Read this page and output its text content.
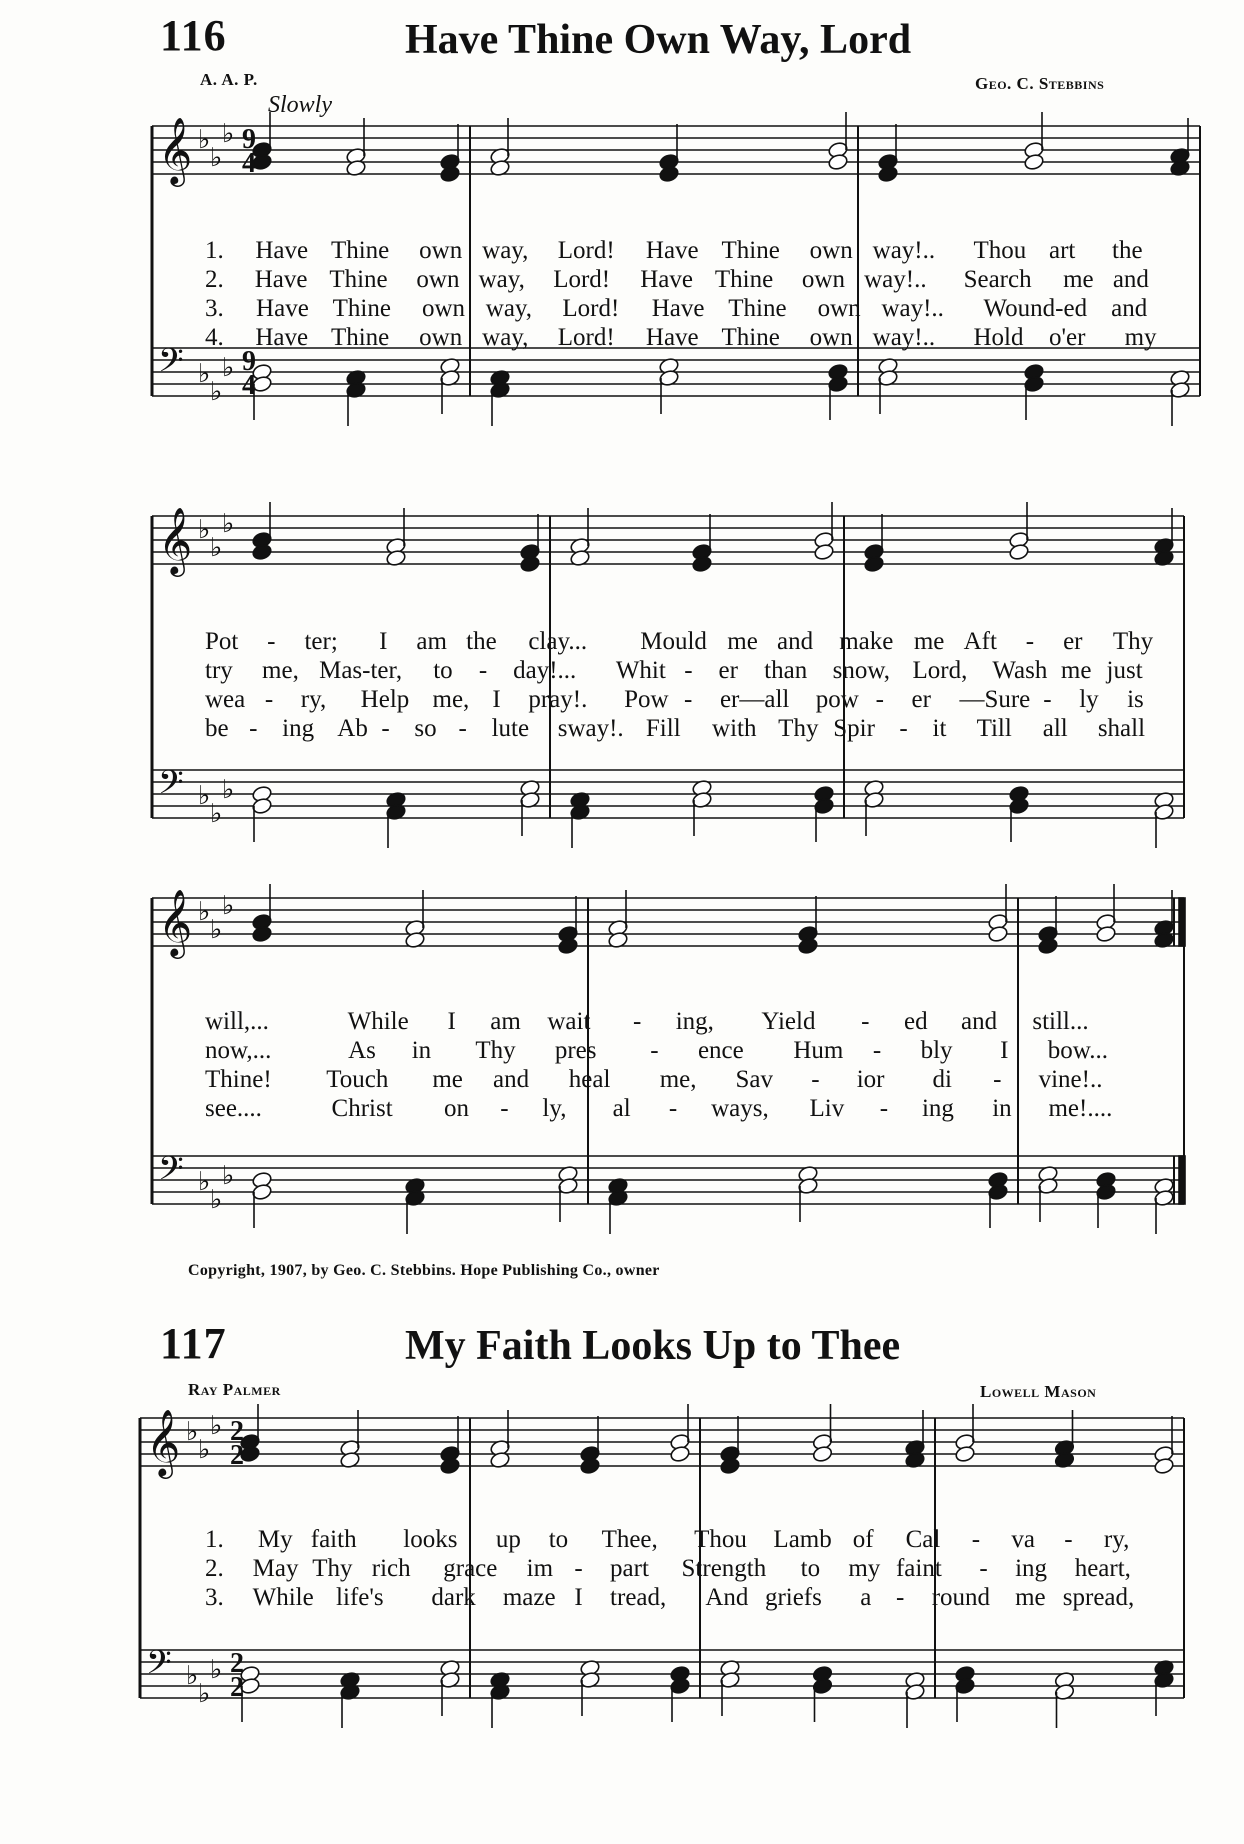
116	Have Thine Own Way, Lord
A. A. P.	Geo. C. Stebbins
Slowly
𝄞 ♭
♭
♭
𝄢 ♭
♭
♭
9
4
9
4
1. Have Thine own way, Lord! Have Thine own way!.. Thou art the
2. Have Thine own way, Lord! Have Thine own way!.. Search me and
3. Have Thine own way, Lord! Have Thine own way!.. Wound-ed and
4. Have Thine own way, Lord! Have Thine own way!.. Hold o'er my
𝄞 ♭
♭
♭
𝄢 ♭
♭
♭
Pot - ter; I am the clay... Mould me and make me Aft - er Thy
try me, Mas-ter, to - day!... Whit - er than snow, Lord, Wash me just
wea - ry, Help me, I pray!. Pow - er—all pow - er —Sure - ly is
be - ing Ab - so - lute sway!. Fill with Thy Spir - it Till all shall
𝄞 ♭
♭
♭
𝄢 ♭
♭
♭
will,...	While I am wait - ing, Yield - ed and still...
now,...	As in Thy pres - ence Hum - bly I bow...
Thine! Touch me and heal me, Sav - ior di - vine!..
see....	Christ on - ly, al - ways, Liv - ing in me!....
Copyright, 1907, by Geo. C. Stebbins. Hope Publishing Co., owner
117	My Faith Looks Up to Thee
Ray Palmer	Lowell Mason
𝄞 ♭
♭
♭
𝄢 ♭
♭
♭
2
2
2
2
1. My faith looks up to Thee, Thou Lamb of Cal - va - ry,
2. May Thy rich grace im - part Strength to my faint - ing heart,
3. While life's dark maze I tread, And griefs a - round me spread,
